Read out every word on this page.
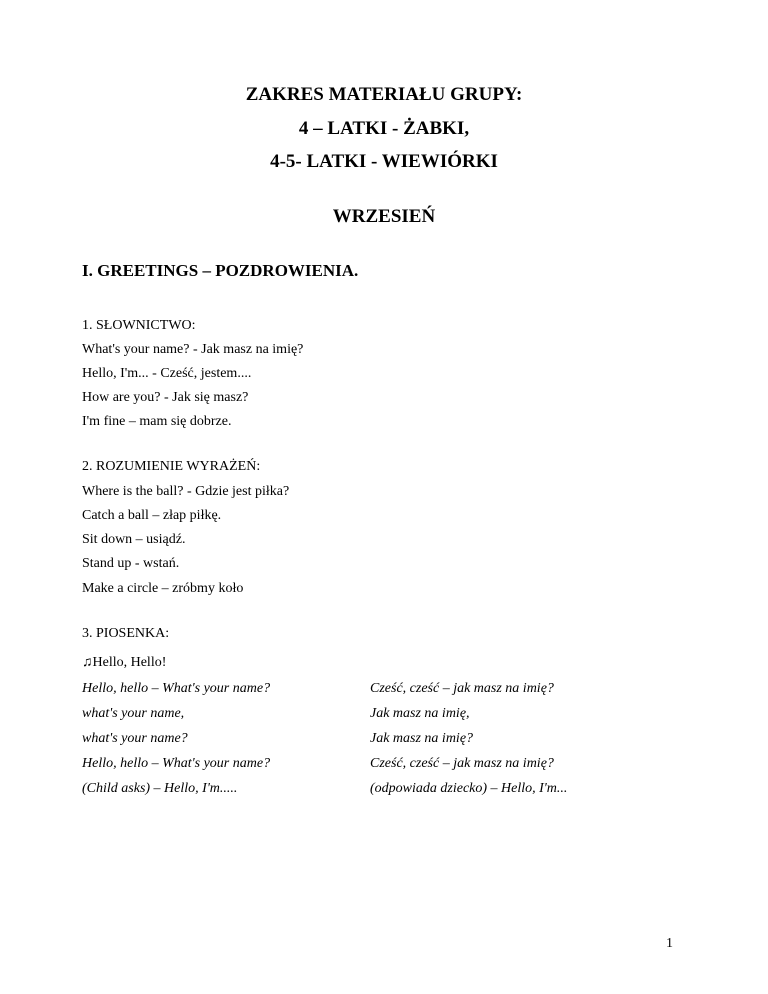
ZAKRES MATERIAŁU GRUPY:
4 – LATKI - ŻABKI,
4-5- LATKI - WIEWIÓRKI
WRZESIEŃ
I. GREETINGS – POZDROWIENIA.
1. SŁOWNICTWO:
What's your name? - Jak masz na imię?
Hello, I'm... - Cześć, jestem....
How are you? - Jak się masz?
I'm fine – mam się dobrze.
2. ROZUMIENIE WYRAŻEŃ:
Where is the ball? - Gdzie jest piłka?
Catch a ball – złap piłkę.
Sit down – usiądź.
Stand up - wstań.
Make a circle – zróbmy koło
3. PIOSENKA:
♫Hello, Hello!
Hello, hello – What's your name?	Cześć, cześć – jak masz na imię?
what's your name,	Jak masz na imię,
what's your name?	Jak masz na imię?
Hello, hello – What's your name?	Cześć, cześć – jak masz na imię?
(Child asks) – Hello, I'm.....	(odpowiada dziecko) – Hello, I'm...
1
